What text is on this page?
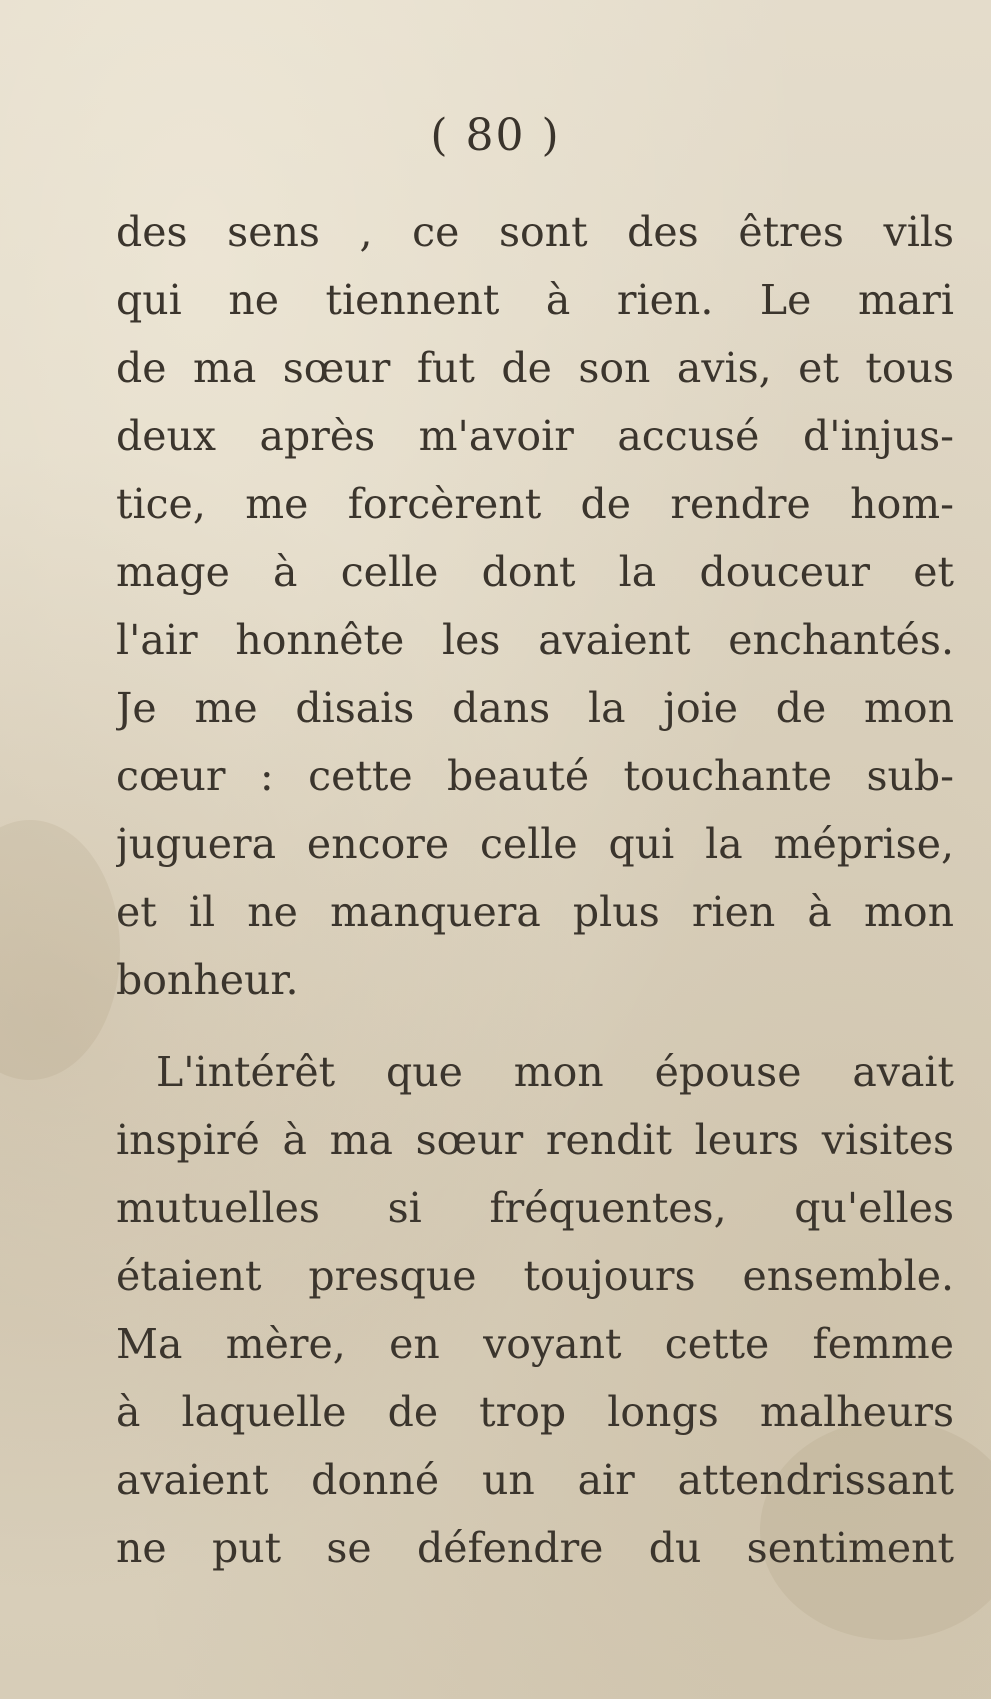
( 80 )
des sens , ce sont des êtres vils
qui ne tiennent à rien. Le mari
de ma sœur fut de son avis, et tous
deux après m'avoir accusé d'injus-
tice, me forcèrent de rendre hom-
mage à celle dont la douceur et
l'air honnête les avaient enchantés.
Je me disais dans la joie de mon
cœur : cette beauté touchante sub-
juguera encore celle qui la méprise,
et il ne manquera plus rien à mon
bonheur.
L'intérêt que mon épouse avait
inspiré à ma sœur rendit leurs visites
mutuelles si fréquentes, qu'elles
étaient presque toujours ensemble.
Ma mère, en voyant cette femme
à laquelle de trop longs malheurs
avaient donné un air attendrissant
ne put se défendre du sentiment
